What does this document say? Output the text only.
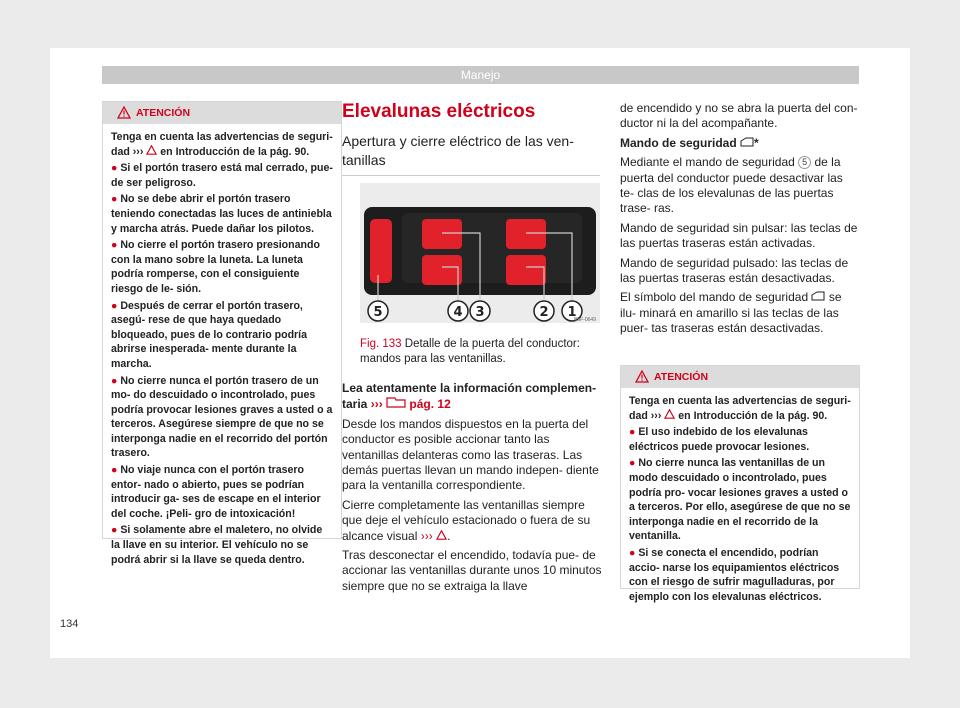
Manejo
ATENCIÓN

Tenga en cuenta las advertencias de seguri- dad ››› en Introducción de la pág. 90.

● Si el portón trasero está mal cerrado, pue- de ser peligroso.

● No se debe abrir el portón trasero teniendo conectadas las luces de antiniebla y marcha atrás. Puede dañar los pilotos.

● No cierre el portón trasero presionando con la mano sobre la luneta. La luneta podría romperse, con el consiguiente riesgo de le- sión.

● Después de cerrar el portón trasero, asegú- rese de que haya quedado bloqueado, pues de lo contrario podría abrirse inesperada- mente durante la marcha.

● No cierre nunca el portón trasero de un mo- do descuidado o incontrolado, pues podría provocar lesiones graves a usted o a terceros. Asegúrese siempre de que no se interponga nadie en el recorrido del portón trasero.

● No viaje nunca con el portón trasero entor- nado o abierto, pues se podrían introducir ga- ses de escape en el interior del coche. ¡Peli- gro de intoxicación!

● Si solamente abre el maletero, no olvide la llave en su interior. El vehículo no se podrá abrir si la llave se queda dentro.

Elevalunas eléctricos
Apertura y cierre eléctrico de las ven- tanillas
5	4 3	2 1
B5F-0649
Fig. 133 Detalle de la puerta del conductor: mandos para las ventanillas.

Lea atentamente la información complemen- taria ››› pág. 12

Desde los mandos dispuestos en la puerta del conductor es posible accionar tanto las ventanillas delanteras como las traseras. Las demás puertas llevan un mando indepen- diente para la ventanilla correspondiente.

Cierre completamente las ventanillas siempre que deje el vehículo estacionado o fuera de su alcance visual ››› .

Tras desconectar el encendido, todavía pue- de accionar las ventanillas durante unos 10 minutos siempre que no se extraiga la llave

de encendido y no se abra la puerta del con- ductor ni la del acompañante.

Mando de seguridad *

Mediante el mando de seguridad 5 de la puerta del conductor puede desactivar las te- clas de los elevalunas de las puertas trase- ras.

Mando de seguridad sin pulsar: las teclas de las puertas traseras están activadas.

Mando de seguridad pulsado: las teclas de las puertas traseras están desactivadas.

El símbolo del mando de seguridad se ilu- minará en amarillo si las teclas de las puer- tas traseras están desactivadas.

ATENCIÓN

Tenga en cuenta las advertencias de seguri- dad ››› en Introducción de la pág. 90.

● El uso indebido de los elevalunas eléctricos puede provocar lesiones.

● No cierre nunca las ventanillas de un modo descuidado o incontrolado, pues podría pro- vocar lesiones graves a usted o a terceros. Por ello, asegúrese de que no se interponga nadie en el recorrido de la ventanilla.

● Si se conecta el encendido, podrían accio- narse los equipamientos eléctricos con el riesgo de sufrir magulladuras, por ejemplo con los elevalunas eléctricos.

134
